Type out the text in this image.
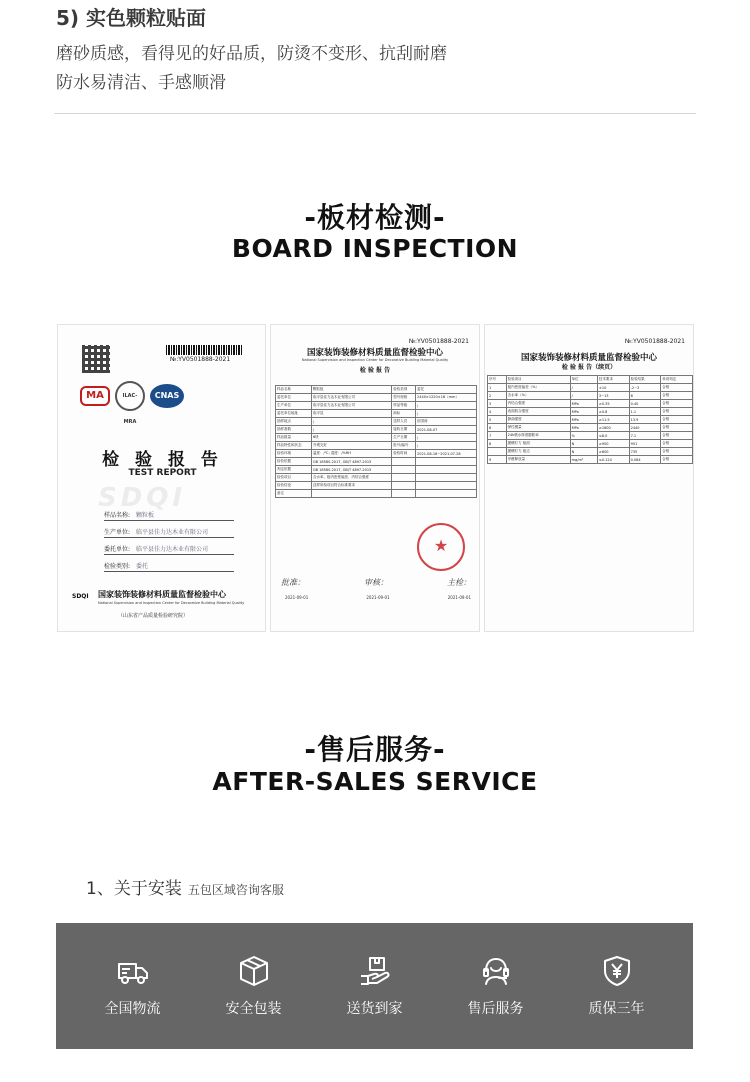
5) 实色颗粒贴面
磨砂质感，看得见的好品质，防烫不变形、抗刮耐磨
防水易清洁、手感顺滑
-板材检测-
BOARD INSPECTION
№:YV0501888-2021
MA	ILAC-MRA
CNAS
SDQI
检 验 报 告
TEST REPORT
样品名称: 颗粒板
生产单位: 临平县佳力达木业有限公司
委托单位: 临平县佳力达木业有限公司
检验类别: 委托
SDQI 国家装饰装修材料质量监督检验中心
National Supervision and Inspection Center for Decorative Building Material Quality
（山东省产品质量检验研究院）
№:YV0501888-2021
国家装饰装修材料质量监督检验中心
National Supervision and Inspection Center for Decorative Building Material Quality
检 验 报 告
样品名称	颗粒板	检验类别	委托
委托单位	临平县佳力达木业有限公司	型号规格	2440×1220×18（mm）
生产单位	临平县佳力达木业有限公司	样品等级	/
委托单位地址	临平县	商标	/
抽样地点	/	送样人员	田国涛
抽样基数	/	接收日期	2021-08-07
样品数量	6块	生产日期	/
样品特性和状态	外观完好	批号/编号	/
检验环境	温度：/℃; 湿度：/%RH	检验时间	2021-08-18~2021-07-28
检验依据	GB 18580-2017, GB/T 4897-2015		
判定依据	GB 18580-2017, GB/T 4897-2015		
检验项目	含水率、板内密度偏差、内结合强度		
检验结论	送样所检项目符合标准要求		
备注			
★
批准：	审核：	主检：
2021-09-01	2021-09-01	2021-09-01
№:YV0501888-2021
国家装饰装修材料质量监督检验中心
检 验 报 告（续页）
序号	检验项目	单位	技术要求	检验结果	单项判定
1	板内密度偏差（%）	/	±10	-2~3	合格
2	含水率（%）	/	3~13	8	合格
3	内结合强度	MPa	≥0.35	0.40	合格
4	表面胶合强度	MPa	≥0.8	1.1	合格
5	静曲强度	MPa	≥11.5	13.9	合格
6	弹性模量	MPa	≥1800	2440	合格
7	24h吸水厚度膨胀率	%	≤8.0	7.1	合格
8	握螺钉力 板面	N	≥900	951	合格
	握螺钉力 板边	N	≥600	735	合格
9	甲醛释放量	mg/m³	≤0.124	0.084	合格
-售后服务-
AFTER-SALES SERVICE
1、关于安装 五包区域咨询客服
全国物流	安全包装	送货到家	售后服务	质保三年
